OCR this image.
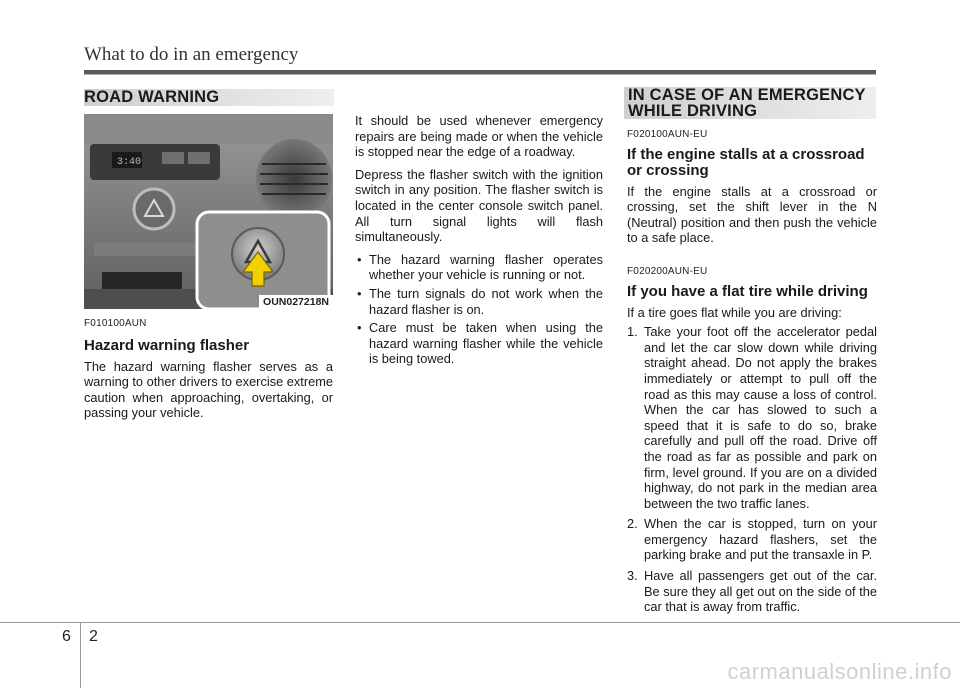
What to do in an emergency
ROAD WARNING
3:40
OUN027218N
F010100AUN
Hazard warning flasher

The hazard warning flasher serves as a warning to other drivers to exercise extreme caution when approaching, overtaking, or passing your vehicle.

It should be used whenever emergency repairs are being made or when the vehicle is stopped near the edge of a roadway.

Depress the flasher switch with the ignition switch in any position. The flasher switch is located in the center console switch panel. All turn signal lights will flash simultaneously.

• The hazard warning flasher operates whether your vehicle is running or not.
• The turn signals do not work when the hazard flasher is on.
• Care must be taken when using the hazard warning flasher while the vehicle is being towed.
IN CASE OF AN EMERGENCY
WHILE DRIVING
F020100AUN-EU
If the engine stalls at a crossroad or crossing

If the engine stalls at a crossroad or crossing, set the shift lever in the N (Neutral) position and then push the vehicle to a safe place.

F020200AUN-EU
If you have a flat tire while driving

If a tire goes flat while you are driving:

1. Take your foot off the accelerator pedal and let the car slow down while driving straight ahead. Do not apply the brakes immediately or attempt to pull off the road as this may cause a loss of control. When the car has slowed to such a speed that it is safe to do so, brake carefully and pull off the road. Drive off the road as far as possible and park on firm, level ground. If you are on a divided highway, do not park in the median area between the two traffic lanes.
2. When the car is stopped, turn on your emergency hazard flashers, set the parking brake and put the transaxle in P.
3. Have all passengers get out of the car. Be sure they all get out on the side of the car that is away from traffic.
6 2
carmanualsonline.info
